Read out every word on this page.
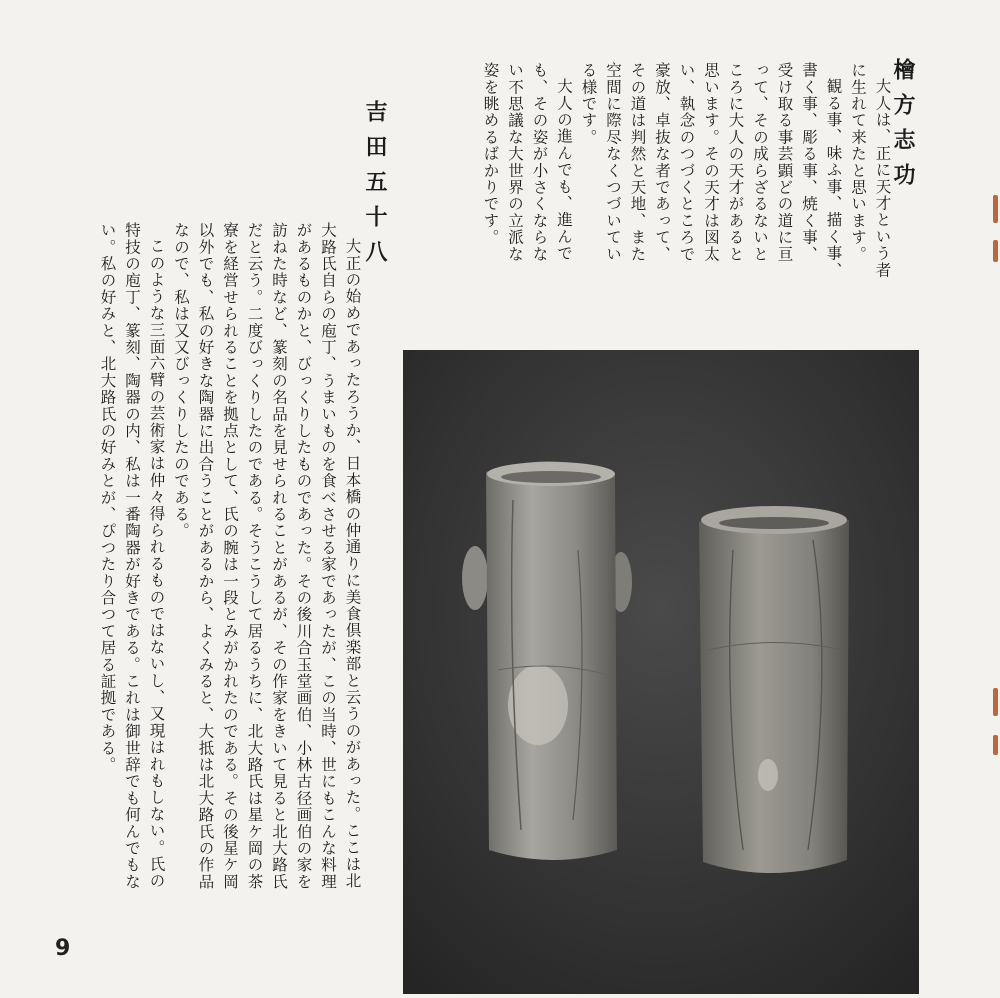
檜方志功
大人は、正に天才という者に生れて来たと思います。
観る事、味ふ事、描く事、書く事、彫る事、焼く事、受け取る事芸顕どの道に亘って、その成らざるないところに大人の天才があると思います。その天才は図太い、執念のつづくところで豪放、卓抜な者であって、その道は判然と天地、また空間に際尽なくつづいている様です。
大人の進んでも、進んでも、その姿が小さくならない不思議な大世界の立派な姿を眺めるばかりです。
吉田五十八
大正の始めであったろうか、日本橋の仲通りに美食倶楽部と云うのがあった。ここは北大路氏自らの庖丁、うまいものを食べさせる家であったが、この当時、世にもこんな料理があるものかと、びっくりしたものであった。その後川合玉堂画伯、小林古径画伯の家を訪ねた時など、篆刻の名品を見せられることがあるが、その作家をきいて見ると北大路氏だと云う。二度びっくりしたのである。そうこうして居るうちに、北大路氏は星ケ岡の茶寮を経営せられることを拠点として、氏の腕は一段とみがかれたのである。その後星ケ岡以外でも、私の好きな陶器に出合うことがあるから、よくみると、大抵は北大路氏の作品なので、私は又又びっくりしたのである。
このような三面六臂の芸術家は仲々得られるものではないし、又現はれもしない。氏の特技の庖丁、篆刻、陶器の内、私は一番陶器が好きである。これは御世辞でも何んでもない。私の好みと、北大路氏の好みとが、ぴつたり合つて居る証拠である。
9
